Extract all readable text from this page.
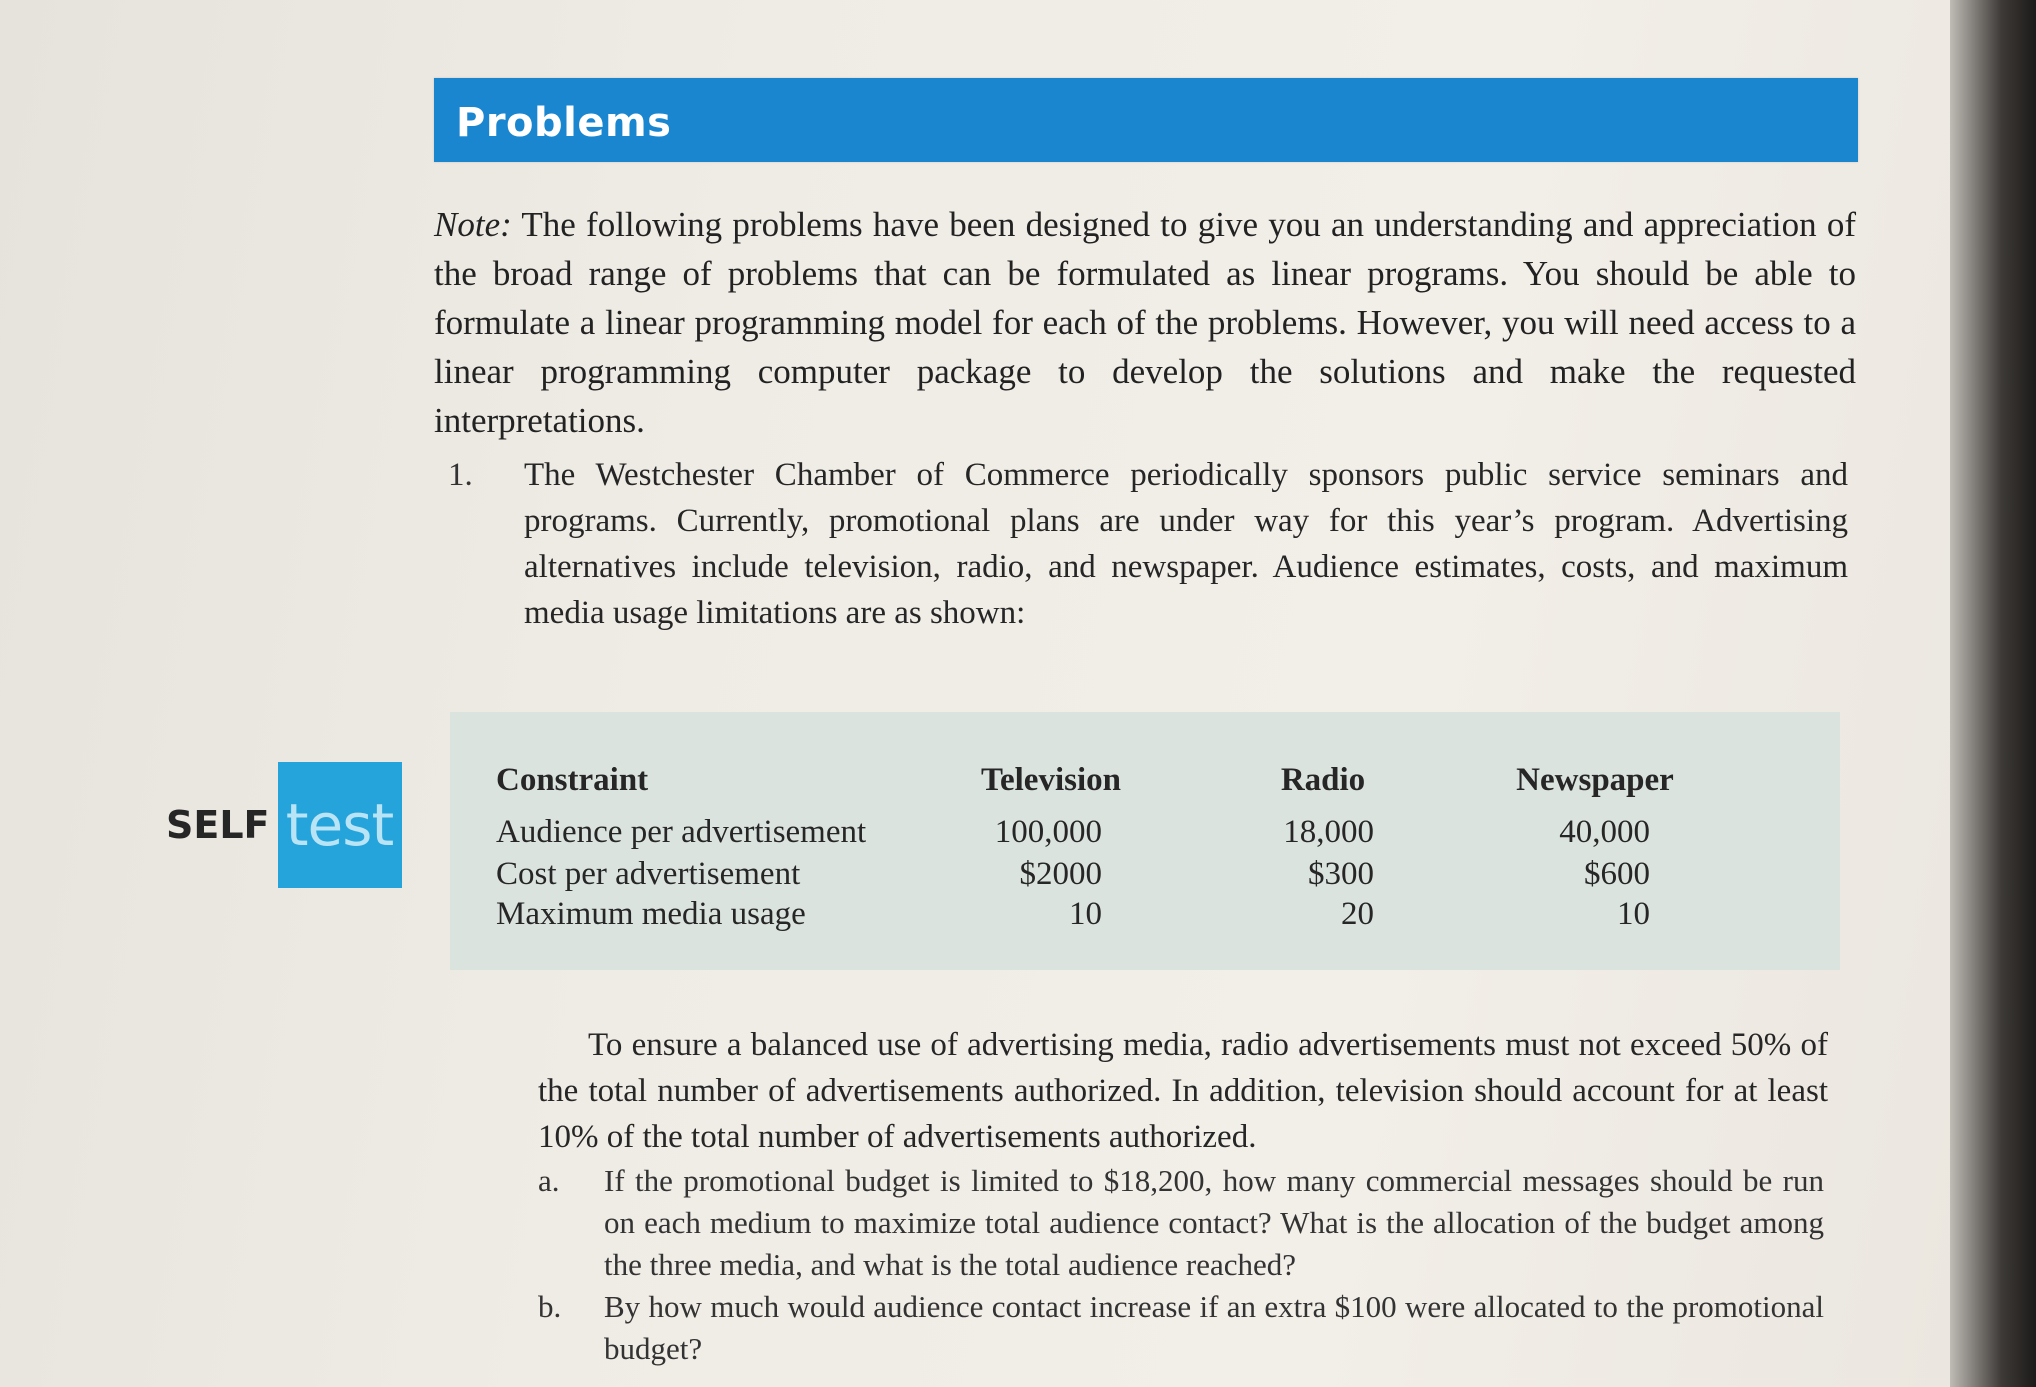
Problems
Note: The following problems have been designed to give you an understanding and appreciation of the broad range of problems that can be formulated as linear programs. You should be able to formulate a linear programming model for each of the problems. However, you will need access to a linear programming computer package to develop the solutions and make the requested interpretations.
1. The Westchester Chamber of Commerce periodically sponsors public service seminars and programs. Currently, promotional plans are under way for this year’s program. Advertising alternatives include television, radio, and newspaper. Audience estimates, costs, and maximum media usage limitations are as shown:
SELF test
Constraint	Television	Radio	Newspaper
Audience per advertisement	100,000	18,000	40,000
Cost per advertisement	$2000	$300	$600
Maximum media usage	10	20	10
To ensure a balanced use of advertising media, radio advertisements must not exceed 50% of the total number of advertisements authorized. In addition, television should account for at least 10% of the total number of advertisements authorized.
a. If the promotional budget is limited to $18,200, how many commercial messages should be run on each medium to maximize total audience contact? What is the allocation of the budget among the three media, and what is the total audience reached?
b. By how much would audience contact increase if an extra $100 were allocated to the promotional budget?
